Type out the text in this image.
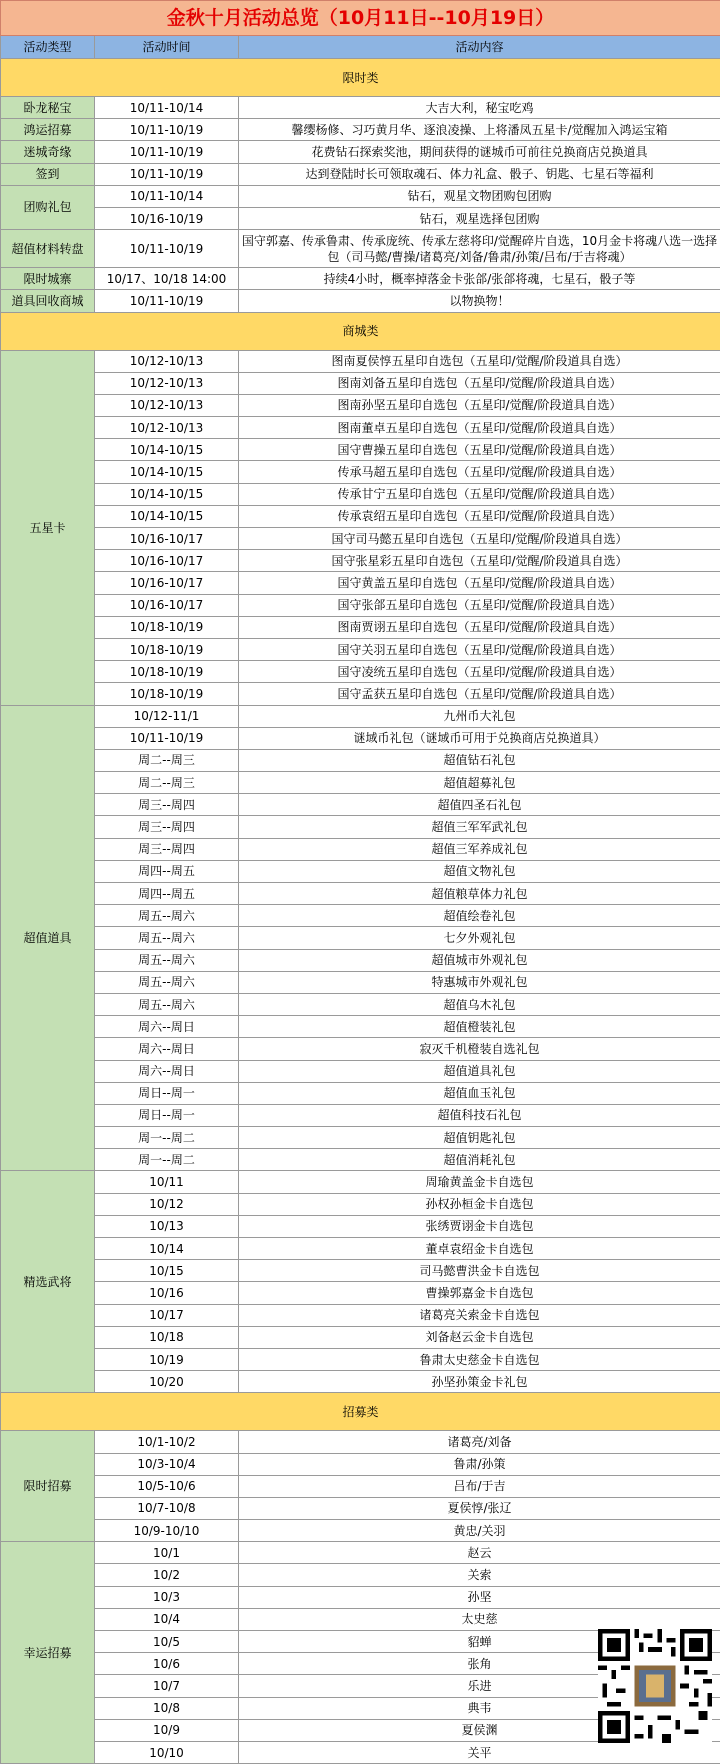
金秋十月活动总览（10月11日--10月19日）		
活动类型	活动时间	活动内容
限时类		
卧龙秘宝	10/11-10/14	大吉大利，秘宝吃鸡
鸿运招募	10/11-10/19	馨缨杨修、习巧黄月华、逐浪凌操、上将潘凤五星卡/觉醒加入鸿运宝箱
迷城奇缘	10/11-10/19	花费钻石探索奖池，期间获得的谜城币可前往兑换商店兑换道具
签到	10/11-10/19	达到登陆时长可领取魂石、体力礼盒、骰子、钥匙、七星石等福利
团购礼包	10/11-10/14	钻石，观星文物团购包团购
	10/16-10/19	钻石，观星选择包团购
超值材料转盘	10/11-10/19	国守郭嘉、传承鲁肃、传承庞统、传承左慈将印/觉醒碎片自选，10月金卡将魂八选一选择包（司马懿/曹操/诸葛亮/刘备/鲁肃/孙策/吕布/于吉将魂）
限时城寨	10/17、10/18 14:00	持续4小时，概率掉落金卡张郃/张郃将魂，七星石，骰子等
道具回收商城	10/11-10/19	以物换物！
商城类		
五星卡	10/12-10/13	图南夏侯惇五星印自选包（五星印/觉醒/阶段道具自选）
	10/12-10/13	图南刘备五星印自选包（五星印/觉醒/阶段道具自选）
	10/12-10/13	图南孙坚五星印自选包（五星印/觉醒/阶段道具自选）
	10/12-10/13	图南董卓五星印自选包（五星印/觉醒/阶段道具自选）
	10/14-10/15	国守曹操五星印自选包（五星印/觉醒/阶段道具自选）
	10/14-10/15	传承马超五星印自选包（五星印/觉醒/阶段道具自选）
	10/14-10/15	传承甘宁五星印自选包（五星印/觉醒/阶段道具自选）
	10/14-10/15	传承袁绍五星印自选包（五星印/觉醒/阶段道具自选）
	10/16-10/17	国守司马懿五星印自选包（五星印/觉醒/阶段道具自选）
	10/16-10/17	国守张星彩五星印自选包（五星印/觉醒/阶段道具自选）
	10/16-10/17	国守黄盖五星印自选包（五星印/觉醒/阶段道具自选）
	10/16-10/17	国守张郃五星印自选包（五星印/觉醒/阶段道具自选）
	10/18-10/19	图南贾诩五星印自选包（五星印/觉醒/阶段道具自选）
	10/18-10/19	国守关羽五星印自选包（五星印/觉醒/阶段道具自选）
	10/18-10/19	国守凌统五星印自选包（五星印/觉醒/阶段道具自选）
	10/18-10/19	国守孟获五星印自选包（五星印/觉醒/阶段道具自选）
超值道具	10/12-11/1	九州币大礼包
	10/11-10/19	谜域币礼包（谜域币可用于兑换商店兑换道具）
	周二--周三	超值钻石礼包
	周二--周三	超值超募礼包
	周三--周四	超值四圣石礼包
	周三--周四	超值三军军武礼包
	周三--周四	超值三军养成礼包
	周四--周五	超值文物礼包
	周四--周五	超值粮草体力礼包
	周五--周六	超值绘卷礼包
	周五--周六	七夕外观礼包
	周五--周六	超值城市外观礼包
	周五--周六	特惠城市外观礼包
	周五--周六	超值乌木礼包
	周六--周日	超值橙装礼包
	周六--周日	寂灭千机橙装自选礼包
	周六--周日	超值道具礼包
	周日--周一	超值血玉礼包
	周日--周一	超值科技石礼包
	周一--周二	超值钥匙礼包
	周一--周二	超值消耗礼包
精选武将	10/11	周瑜黄盖金卡自选包
	10/12	孙权孙桓金卡自选包
	10/13	张绣贾诩金卡自选包
	10/14	董卓袁绍金卡自选包
	10/15	司马懿曹洪金卡自选包
	10/16	曹操郭嘉金卡自选包
	10/17	诸葛亮关索金卡自选包
	10/18	刘备赵云金卡自选包
	10/19	鲁肃太史慈金卡自选包
	10/20	孙坚孙策金卡礼包
招募类		
限时招募	10/1-10/2	诸葛亮/刘备
	10/3-10/4	鲁肃/孙策
	10/5-10/6	吕布/于吉
	10/7-10/8	夏侯惇/张辽
	10/9-10/10	黄忠/关羽
幸运招募	10/1	赵云
	10/2	关索
	10/3	孙坚
	10/4	太史慈
	10/5	貂蝉
	10/6	张角
	10/7	乐进
	10/8	典韦
	10/9	夏侯渊
	10/10	关平
